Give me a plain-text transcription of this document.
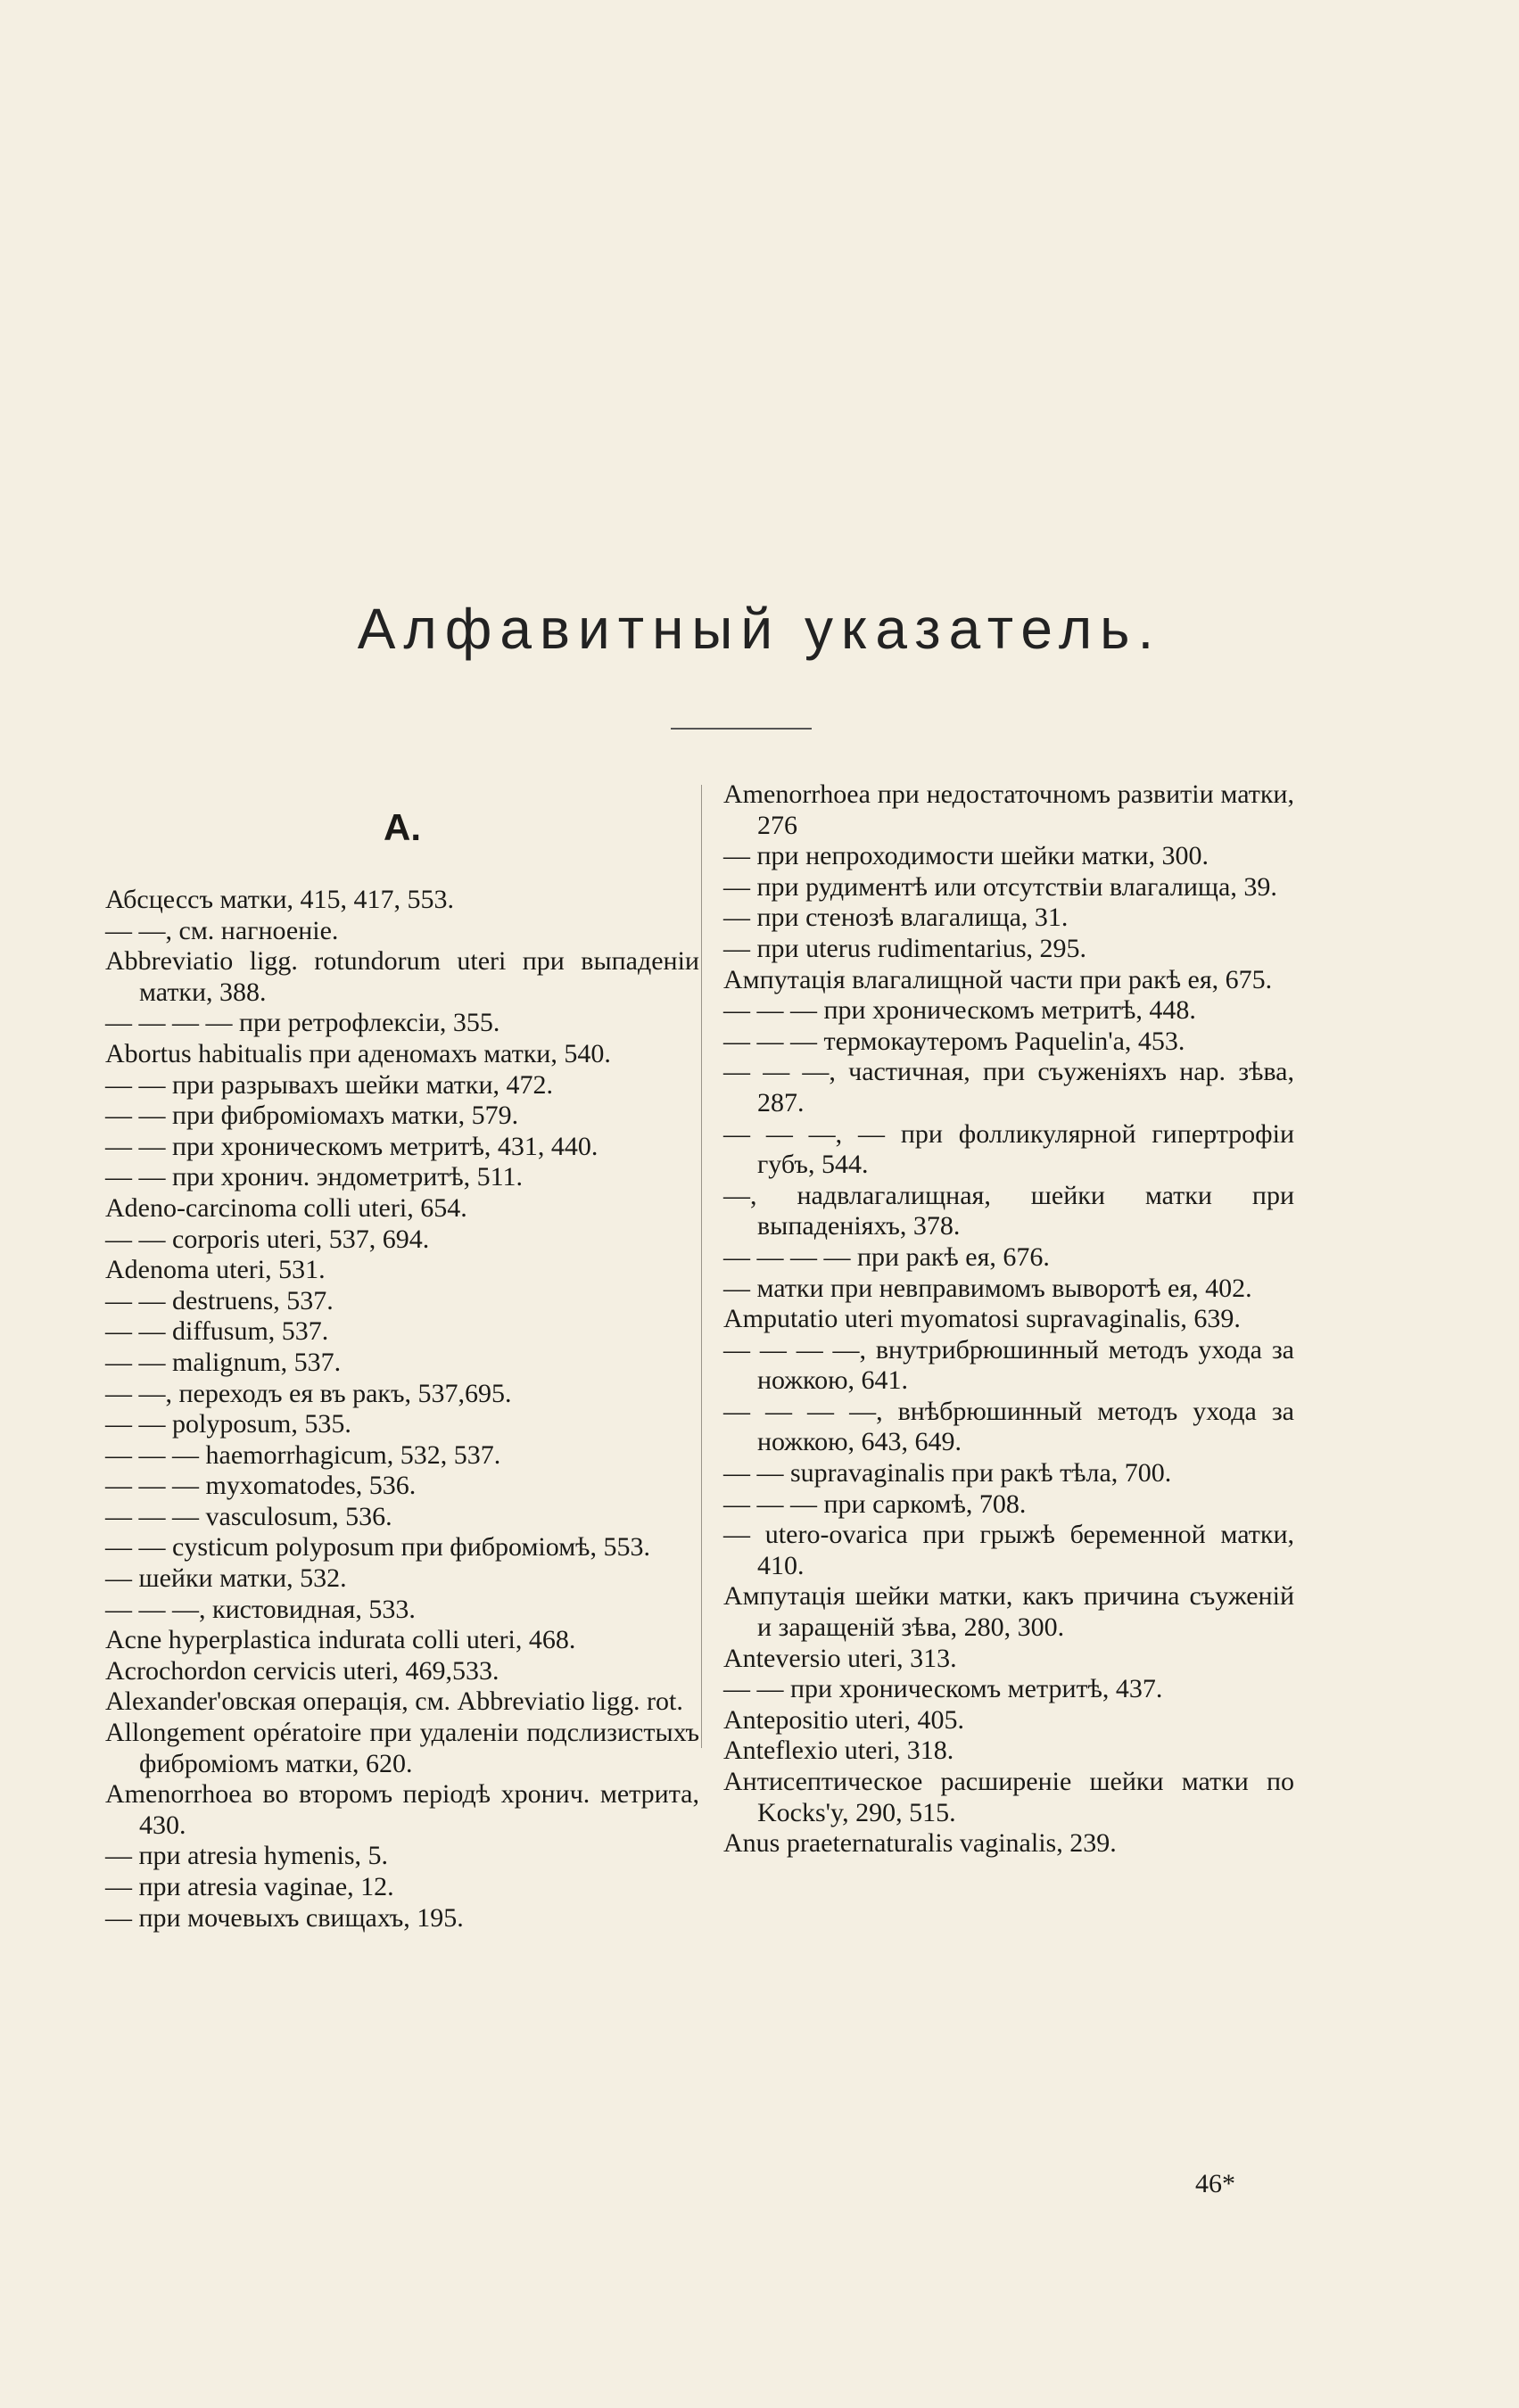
Алфавитный указатель.
A.

Абсцессъ матки, 415, 417, 553.

— —, см. нагноеніе.

Abbreviatio ligg. rotundorum uteri при выпаденіи матки, 388.

— — — — при ретрофлексіи, 355.

Abortus habitualis при аденомахъ матки, 540.

— — при разрывахъ шейки матки, 472.

— — при фиброміомахъ матки, 579.

— — при хроническомъ метритѣ, 431, 440.

— — при хронич. эндометритѣ, 511.

Adeno-carcinoma colli uteri, 654.

— — corporis uteri, 537, 694.

Adenoma uteri, 531.

— — destruens, 537.

— — diffusum, 537.

— — malignum, 537.

— —, переходъ ея въ ракъ, 537,695.

— — polyposum, 535.

— — — haemorrhagicum, 532, 537.

— — — myxomatodes, 536.

— — — vasculosum, 536.

— — cysticum polyposum при фиброміомѣ, 553.

— шейки матки, 532.

— — —, кистовидная, 533.

Acne hyperplastica indurata colli uteri, 468.

Acrochordon cervicis uteri, 469,533.

Alexander'овская операція, см. Abbreviatio ligg. rot.

Allongement opératoire при удаленіи подслизистыхъ фиброміомъ матки, 620.

Amenorrhoea во второмъ періодѣ хронич. метрита, 430.

— при atresia hymenis, 5.

— при atresia vaginae, 12.

— при мочевыхъ свищахъ, 195.

Amenorrhoea при недостаточномъ развитіи матки, 276

— при непроходимости шейки матки, 300.

— при рудиментѣ или отсутствіи влагалища, 39.

— при стенозѣ влагалища, 31.

— при uterus rudimentarius, 295.

Ампутація влагалищной части при ракѣ ея, 675.

— — — при хроническомъ метритѣ, 448.

— — — термокаутеромъ Paquelin'a, 453.

— — —, частичная, при съуженіяхъ нар. зѣва, 287.

— — —, — при фолликулярной гипертрофіи губъ, 544.

—, надвлагалищная, шейки матки при выпаденіяхъ, 378.

— — — — при ракѣ ея, 676.

— матки при невправимомъ выворотѣ ея, 402.

Amputatio uteri myomatosi supravaginalis, 639.

— — — —, внутрибрюшинный методъ ухода за ножкою, 641.

— — — —, внѣбрюшинный методъ ухода за ножкою, 643, 649.

— — supravaginalis при ракѣ тѣла, 700.

— — — при саркомѣ, 708.

— utero-ovarica при грыжѣ беременной матки, 410.

Ампутація шейки матки, какъ причина съуженій и заращеній зѣва, 280, 300.

Anteversio uteri, 313.

— — при хроническомъ метритѣ, 437.

Antepositio uteri, 405.

Anteflexio uteri, 318.

Антисептическое расширеніе шейки матки по Kocks'y, 290, 515.

Anus praeternaturalis vaginalis, 239.

46*
